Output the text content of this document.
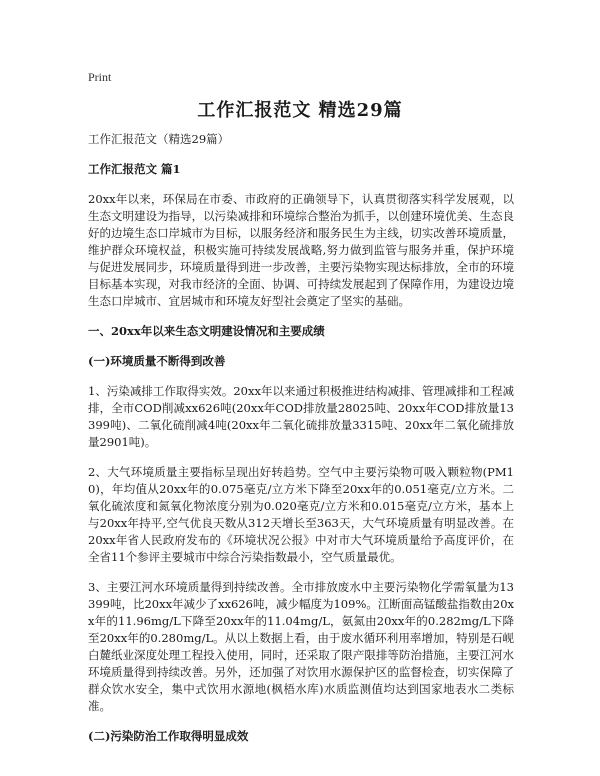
Print
工作汇报范文 精选29篇

工作汇报范文（精选29篇）

工作汇报范文 篇1

20xx年以来，环保局在市委、市政府的正确领导下，认真贯彻落实科学发展观，以生态文明建设为指导，以污染减排和环境综合整治为抓手，以创建环境优美、生态良好的边境生态口岸城市为目标，以服务经济和服务民生为主线，切实改善环境质量，维护群众环境权益，积极实施可持续发展战略,努力做到监管与服务并重，保护环境与促进发展同步，环境质量得到进一步改善，主要污染物实现达标排放，全市的环境目标基本实现，对我市经济的全面、协调、可持续发展起到了保障作用，为建设边境生态口岸城市、宜居城市和环境友好型社会奠定了坚实的基础。

一、20xx年以来生态文明建设情况和主要成绩

(一)环境质量不断得到改善

1、污染减排工作取得实效。20xx年以来通过积极推进结构减排、管理减排和工程减排，全市COD削减xx626吨(20xx年COD排放量28025吨、20xx年COD排放量13399吨)、二氧化硫削减4吨(20xx年二氧化硫排放量3315吨、20xx年二氧化硫排放量2901吨)。

2、大气环境质量主要指标呈现出好转趋势。空气中主要污染物可吸入颗粒物(PM10)，年均值从20xx年的0.075毫克/立方米下降至20xx年的0.051毫克/立方米。二氧化硫浓度和氮氧化物浓度分别为0.020毫克/立方米和0.015毫克/立方米，基本上与20xx年持平,空气优良天数从312天增长至363天，大气环境质量有明显改善。在20xx年省人民政府发布的《环境状况公报》中对市大气环境质量给予高度评价，在全省11个参评主要城市中综合污染指数最小，空气质量最优。

3、主要江河水环境质量得到持续改善。全市排放废水中主要污染物化学需氧量为13399吨，比20xx年减少了xx626吨，减少幅度为109%。江断面高锰酸盐指数由20xx年的11.96mg/L下降至20xx年的11.04mg/L，氨氮由20xx年的0.282mg/L下降至20xx年的0.280mg/L。从以上数据上看，由于废水循环利用率增加，特别是石岘白麓纸业深度处理工程投入使用，同时，还采取了限产限排等防治措施，主要江河水环境质量得到持续改善。另外，还加强了对饮用水源保护区的监督检查，切实保障了群众饮水安全，集中式饮用水源地(枫梧水库)水质监测值均达到国家地表水二类标准。

(二)污染防治工作取得明显成效
